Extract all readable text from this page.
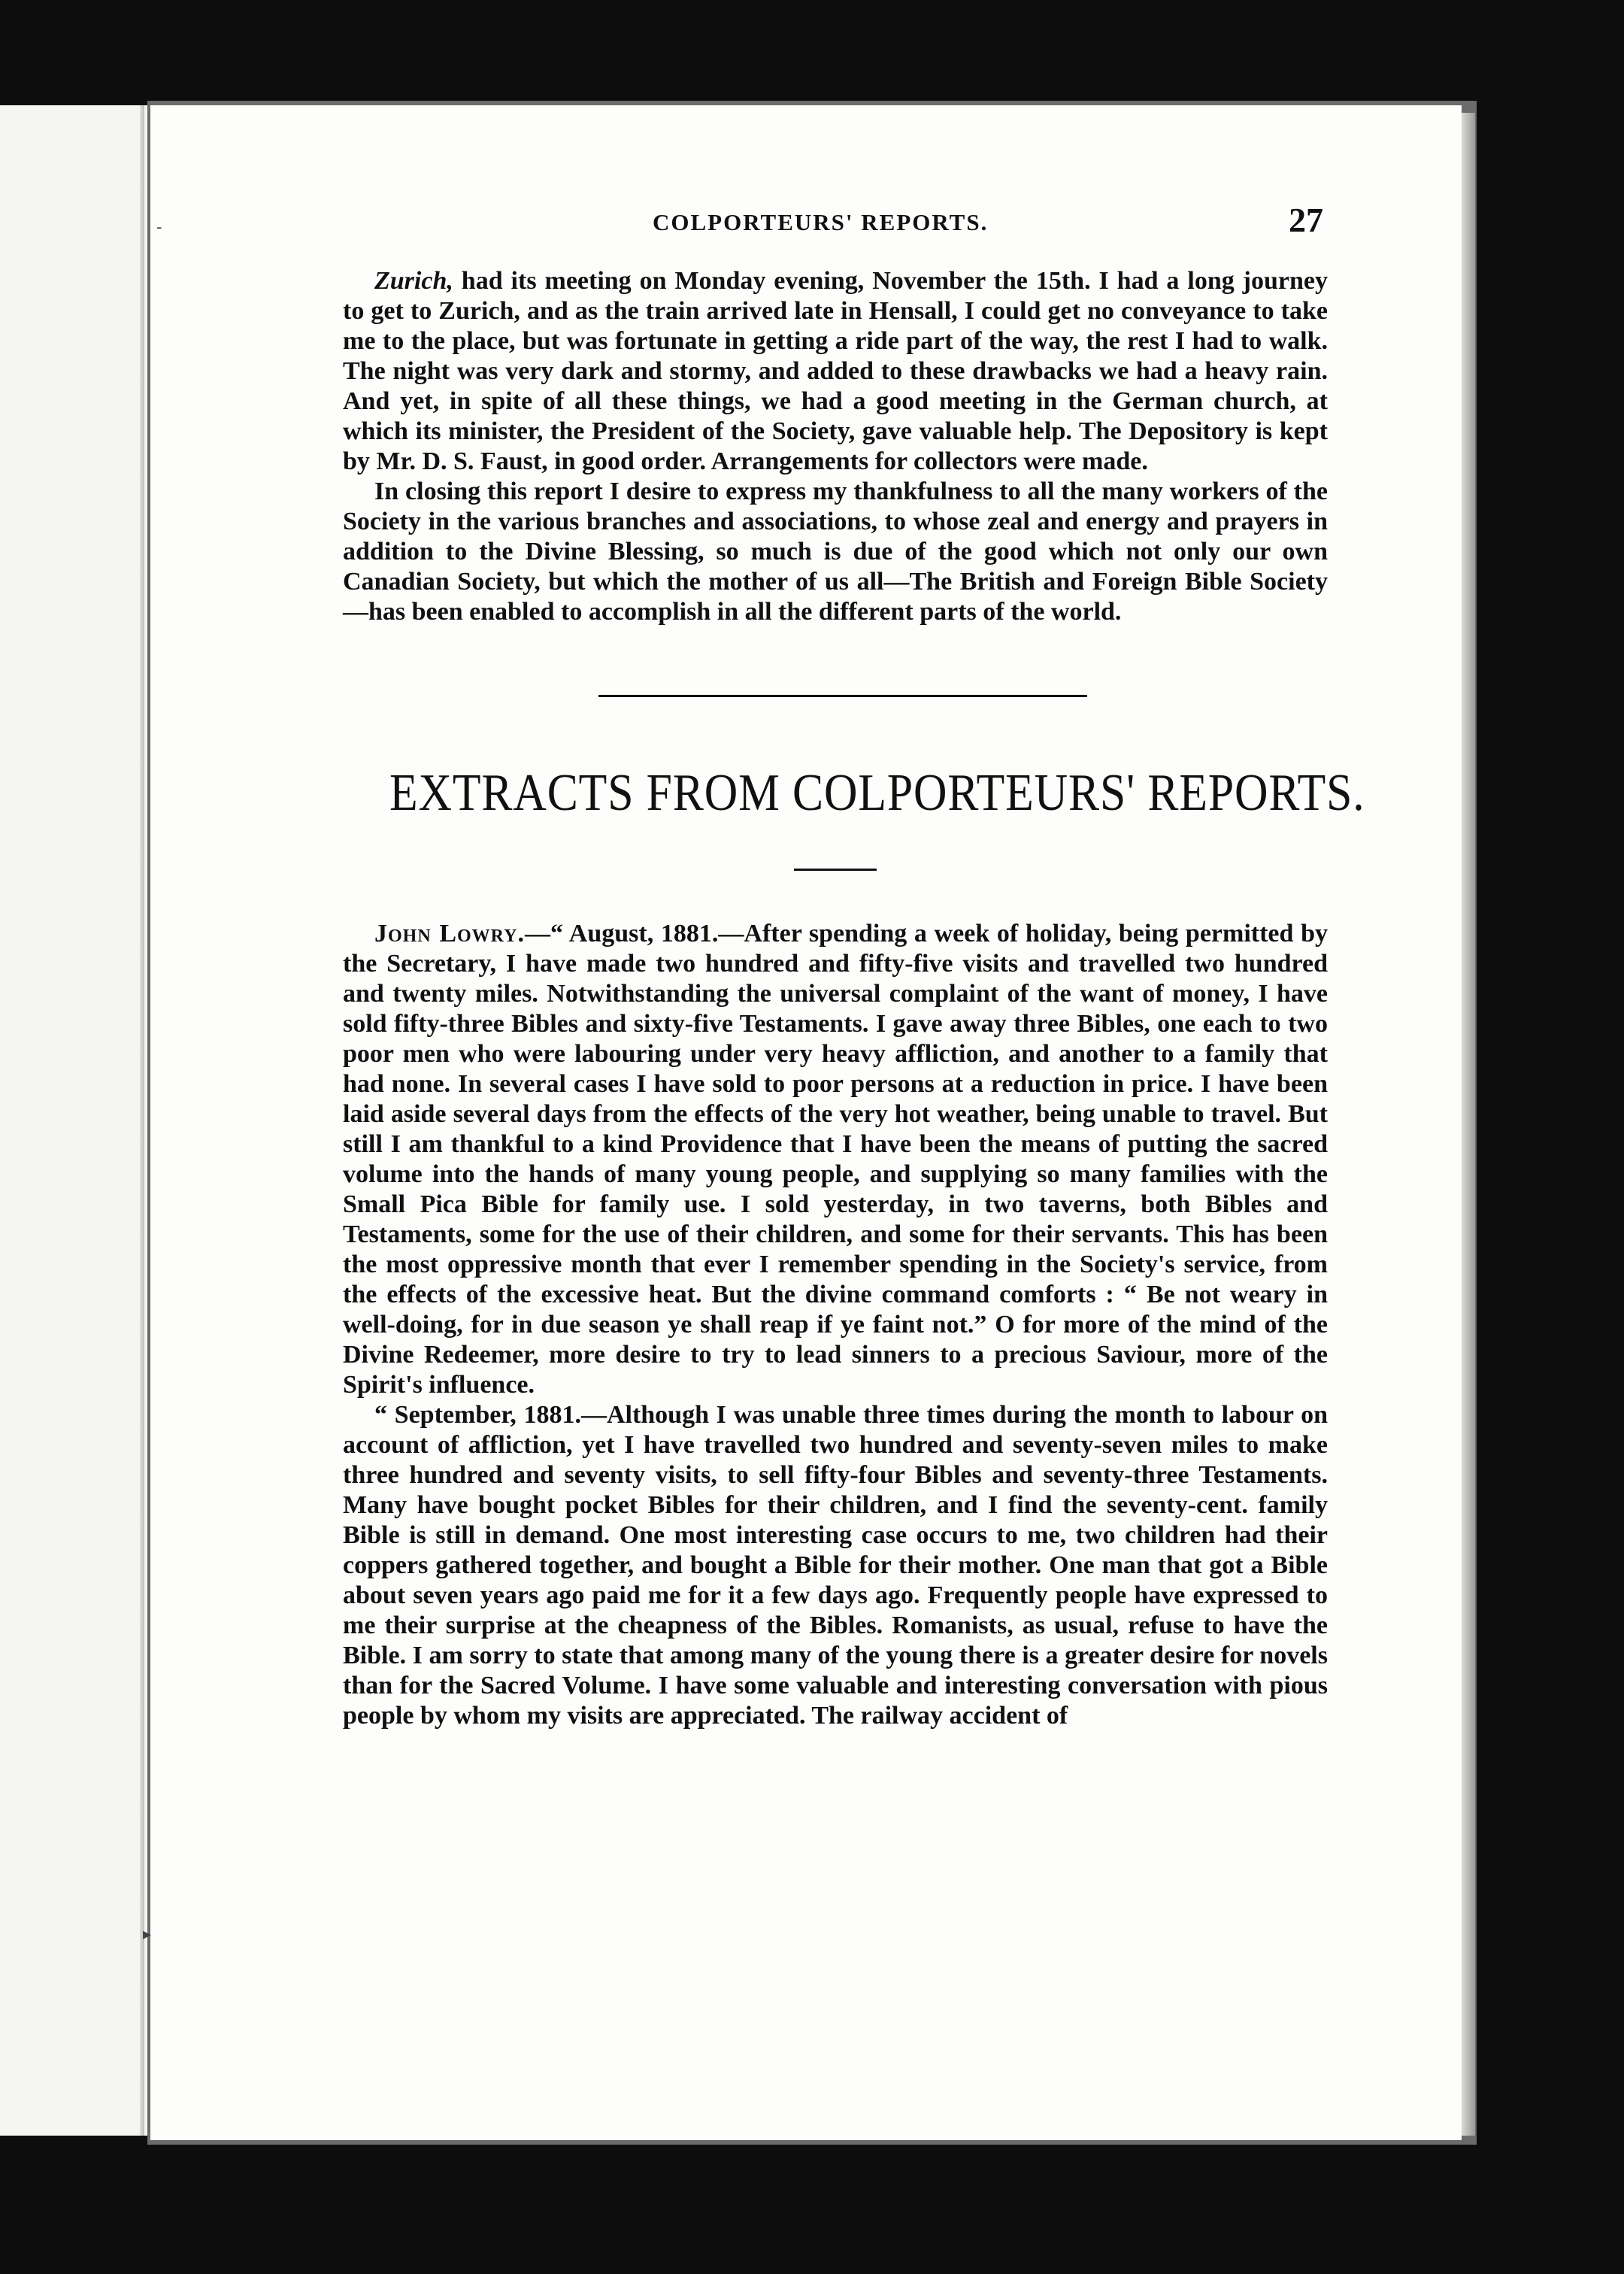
-
▸
COLPORTEURS' REPORTS.	27

Zurich, had its meeting on Monday evening, November the 15th. I had a long journey to get to Zurich, and as the train arrived late in Hensall, I could get no conveyance to take me to the place, but was fortunate in getting a ride part of the way, the rest I had to walk. The night was very dark and stormy, and added to these drawbacks we had a heavy rain. And yet, in spite of all these things, we had a good meeting in the German church, at which its minister, the President of the Society, gave valuable help. The Depository is kept by Mr. D. S. Faust, in good order. Arrangements for collectors were made.

In closing this report I desire to express my thankfulness to all the many workers of the Society in the various branches and associations, to whose zeal and energy and prayers in addition to the Divine Blessing, so much is due of the good which not only our own Canadian Society, but which the mother of us all—The British and Foreign Bible Society—has been enabled to accomplish in all the different parts of the world.

EXTRACTS FROM COLPORTEURS' REPORTS.

John Lowry.—“ August, 1881.—After spending a week of holiday, being permitted by the Secretary, I have made two hundred and fifty-five visits and travelled two hundred and twenty miles. Notwithstanding the universal complaint of the want of money, I have sold fifty-three Bibles and sixty-five Testaments. I gave away three Bibles, one each to two poor men who were labouring under very heavy affliction, and another to a family that had none. In several cases I have sold to poor persons at a reduction in price. I have been laid aside several days from the effects of the very hot weather, being unable to travel. But still I am thankful to a kind Providence that I have been the means of putting the sacred volume into the hands of many young people, and supplying so many families with the Small Pica Bible for family use. I sold yesterday, in two taverns, both Bibles and Testaments, some for the use of their children, and some for their servants. This has been the most oppressive month that ever I remember spending in the Society's service, from the effects of the excessive heat. But the divine command comforts : “ Be not weary in well-doing, for in due season ye shall reap if ye faint not.” O for more of the mind of the Divine Redeemer, more desire to try to lead sinners to a precious Saviour, more of the Spirit's influence.

“ September, 1881.—Although I was unable three times during the month to labour on account of affliction, yet I have travelled two hundred and seventy-seven miles to make three hundred and seventy visits, to sell fifty-four Bibles and seventy-three Testaments. Many have bought pocket Bibles for their children, and I find the seventy-cent. family Bible is still in demand. One most interesting case occurs to me, two children had their coppers gathered together, and bought a Bible for their mother. One man that got a Bible about seven years ago paid me for it a few days ago. Frequently people have expressed to me their surprise at the cheapness of the Bibles. Romanists, as usual, refuse to have the Bible. I am sorry to state that among many of the young there is a greater desire for novels than for the Sacred Volume. I have some valuable and interesting conversation with pious people by whom my visits are appreciated. The railway accident of
